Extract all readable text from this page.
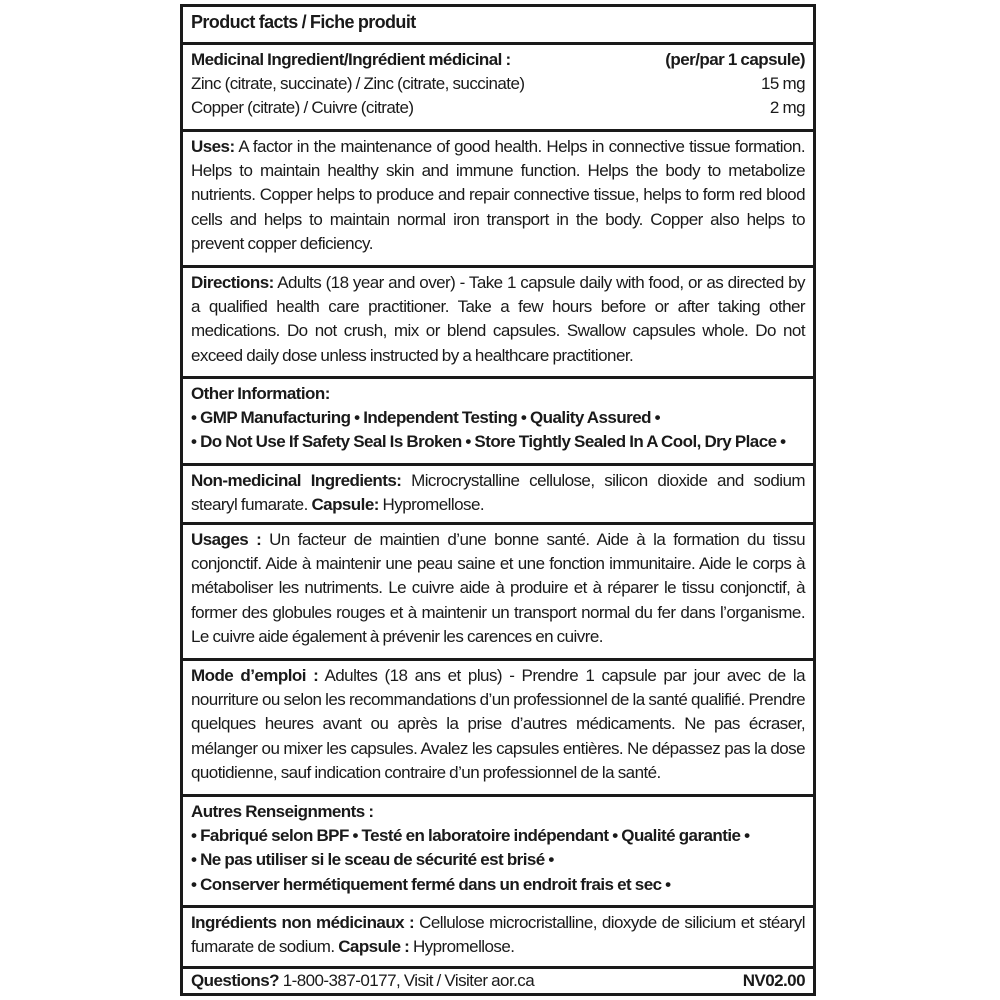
Product facts / Fiche produit
Medicinal Ingredient/Ingrédient médicinal :	(per/par 1 capsule)
Zinc (citrate, succinate) / Zinc (citrate, succinate)	15 mg
Copper (citrate) / Cuivre (citrate)	2 mg
Uses: A factor in the maintenance of good health. Helps in connective tissue formation. Helps to maintain healthy skin and immune function. Helps the body to metabolize nutrients. Copper helps to produce and repair connective tissue, helps to form red blood cells and helps to maintain normal iron transport in the body. Copper also helps to prevent copper deficiency.
Directions: Adults (18 year and over) - Take 1 capsule daily with food, or as directed by a qualified health care practitioner. Take a few hours before or after taking other medications. Do not crush, mix or blend capsules. Swallow capsules whole. Do not exceed daily dose unless instructed by a healthcare practitioner.
Other Information:
• GMP Manufacturing • Independent Testing • Quality Assured •
• Do Not Use If Safety Seal Is Broken • Store Tightly Sealed In A Cool, Dry Place •
Non-medicinal Ingredients: Microcrystalline cellulose, silicon dioxide and sodium stearyl fumarate. Capsule: Hypromellose.
Usages : Un facteur de maintien d’une bonne santé. Aide à la formation du tissu conjonctif. Aide à maintenir une peau saine et une fonction immunitaire. Aide le corps à métaboliser les nutriments. Le cuivre aide à produire et à réparer le tissu conjonctif, à former des globules rouges et à maintenir un transport normal du fer dans l’organisme. Le cuivre aide également à prévenir les carences en cuivre.
Mode d’emploi : Adultes (18 ans et plus) - Prendre 1 capsule par jour avec de la nourriture ou selon les recommandations d’un professionnel de la santé qualifié. Prendre quelques heures avant ou après la prise d’autres médicaments. Ne pas écraser, mélanger ou mixer les capsules. Avalez les capsules entières. Ne dépassez pas la dose quotidienne, sauf indication contraire d’un professionnel de la santé.
Autres Renseignments :
• Fabriqué selon BPF • Testé en laboratoire indépendant • Qualité garantie •
• Ne pas utiliser si le sceau de sécurité est brisé •
• Conserver hermétiquement fermé dans un endroit frais et sec •
Ingrédients non médicinaux : Cellulose microcristalline, dioxyde de silicium et stéaryl fumarate de sodium. Capsule : Hypromellose.
Questions? 1-800-387-0177, Visit / Visiter aor.ca	NV02.00
